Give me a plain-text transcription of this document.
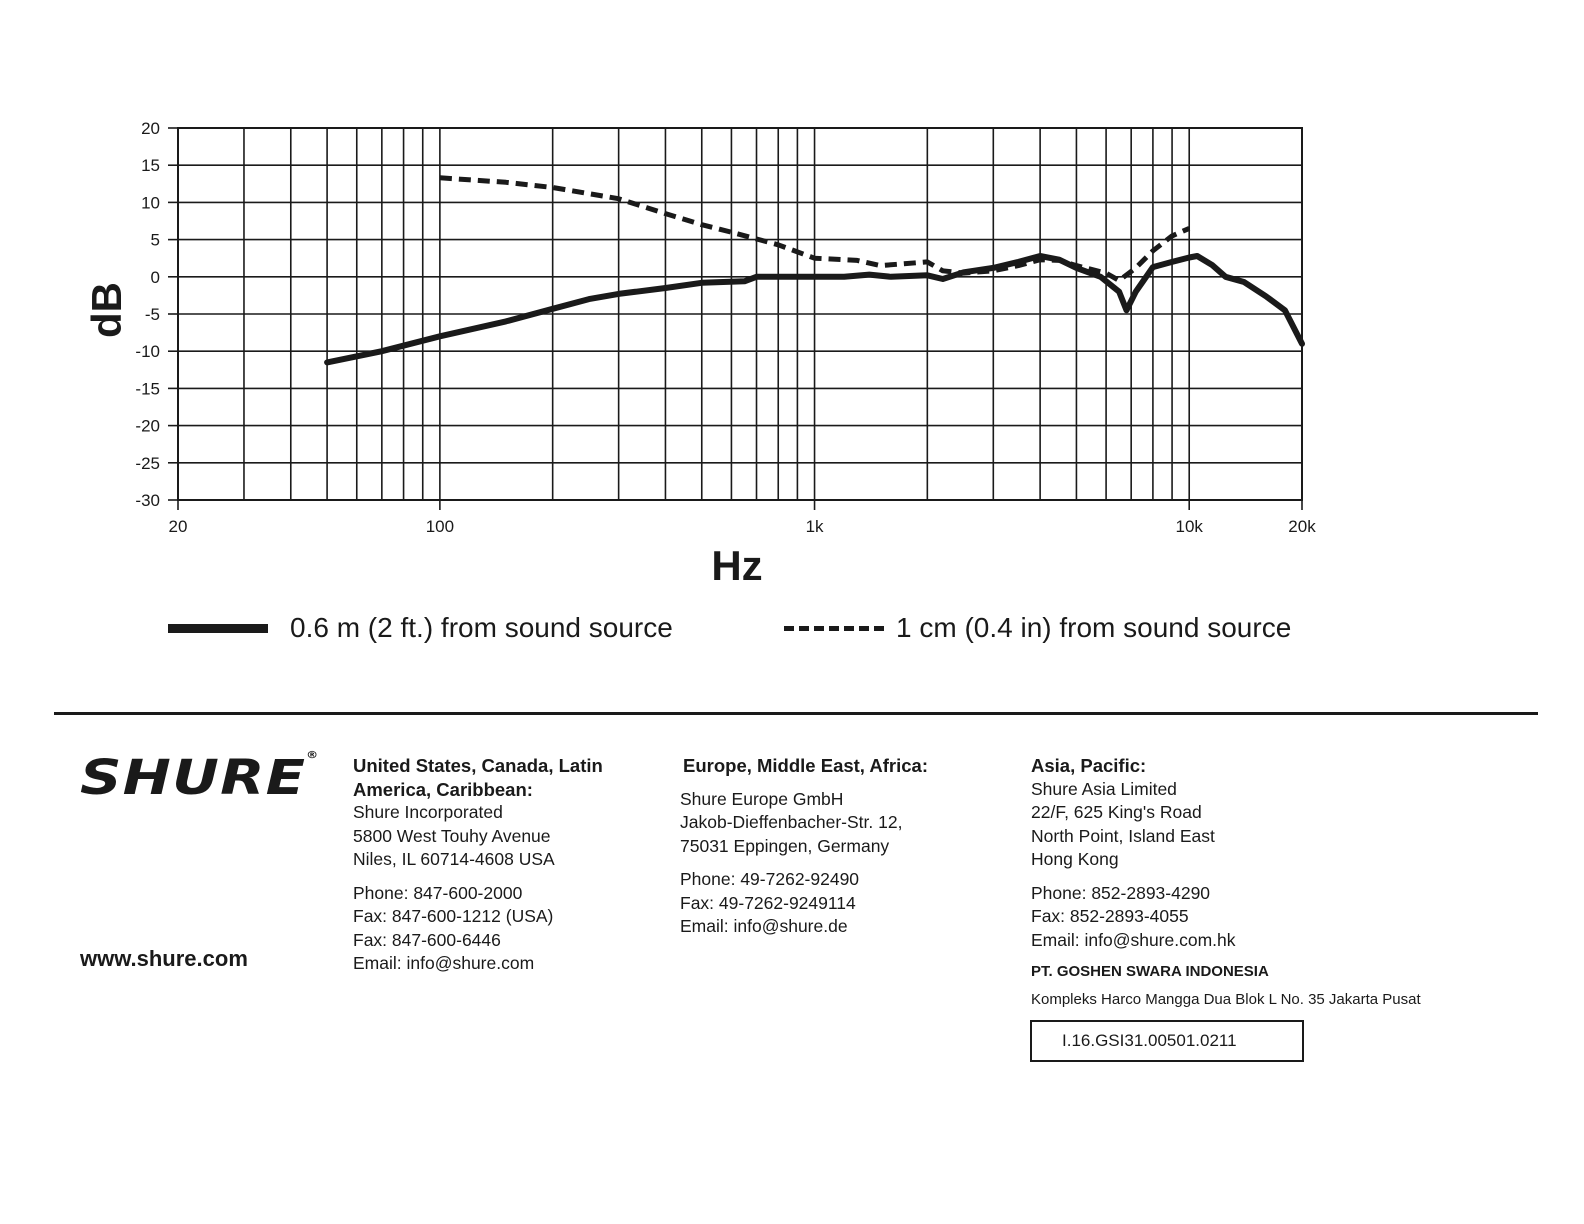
20
15
10
5
0
-5
-10
-15
-20
-25
-30
20	100	1k	10k	20k
Hz
dB
0.6 m (2 ft.) from sound source	1 cm (0.4 in) from sound source
SHURE®
www.shure.com
United States, Canada, Latin
America, Caribbean:
Shure Incorporated
5800 West Touhy Avenue
Niles, IL 60714-4608 USA
Phone: 847-600-2000
Fax: 847-600-1212 (USA)
Fax: 847-600-6446
Email: info@shure.com
Europe, Middle East, Africa:
Shure Europe GmbH
Jakob-Dieffenbacher-Str. 12,
75031 Eppingen, Germany
Phone: 49-7262-92490
Fax: 49-7262-9249114
Email: info@shure.de
Asia, Pacific:
Shure Asia Limited
22/F, 625 King's Road
North Point, Island East
Hong Kong
Phone: 852-2893-4290
Fax: 852-2893-4055
Email: info@shure.com.hk
PT. GOSHEN SWARA INDONESIA
Kompleks Harco Mangga Dua Blok L No. 35 Jakarta Pusat
I.16.GSI31.00501.0211
